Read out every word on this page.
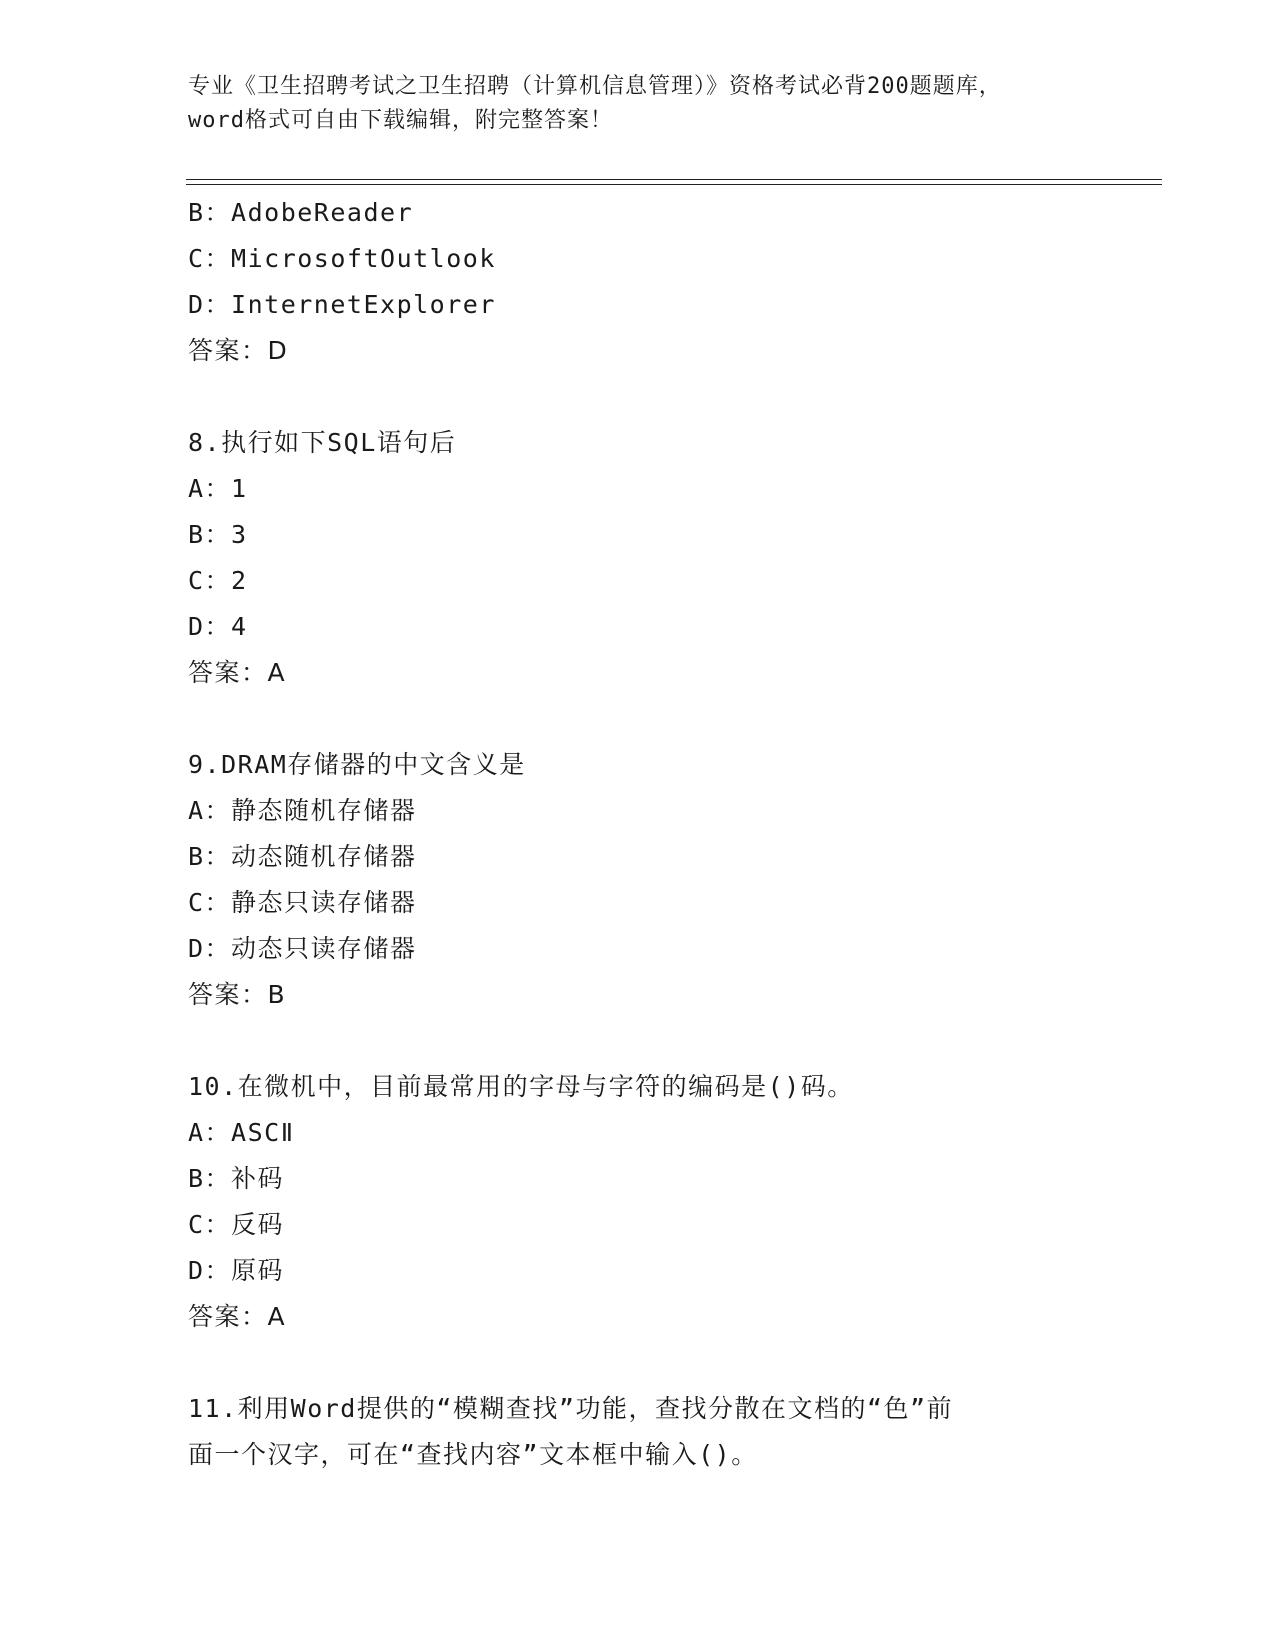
专业《卫生招聘考试之卫生招聘（计算机信息管理）》资格考试必背200题题库，
word格式可自由下载编辑，附完整答案！
B：AdobeReader
C：MicrosoftOutlook
D：InternetExplorer
答案：D
8.执行如下SQL语句后
A：1
B：3
C：2
D：4
答案：A
9.DRAM存储器的中文含义是
A：静态随机存储器
B：动态随机存储器
C：静态只读存储器
D：动态只读存储器
答案：B
10.在微机中，目前最常用的字母与字符的编码是()码。
A：ASCⅡ
B：补码
C：反码
D：原码
答案：A
11.利用Word提供的“模糊查找”功能，查找分散在文档的“色”前
面一个汉字，可在“查找内容”文本框中输入()。
